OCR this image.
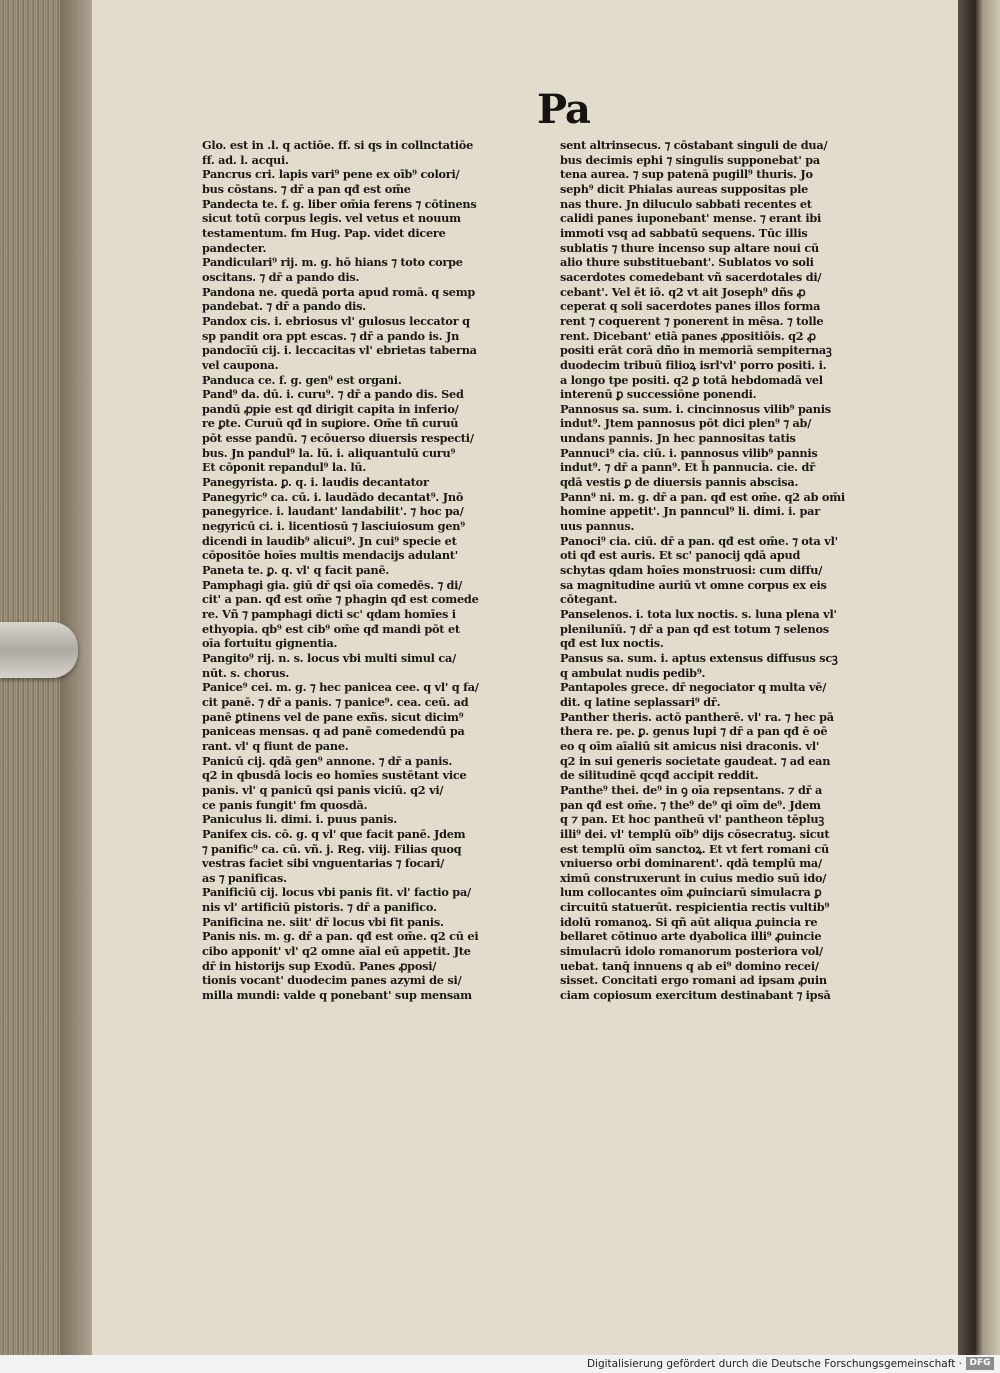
Pa
Glo. est in .l. q actiōe. ff. si qs in collnctatiōe
ff. ad. l. acqui.
Pancrus cri. lapis vari⁹ pene ex oīb⁹ colori/
bus cōstans. ⁊ dr̄ a pan qđ est om̄e
Pandecta te. f. g. liber om̄ia ferens ⁊ cōtinens
sicut totū corpus legis. vel vetus et nouum
testamentum. fm Hug. Pap. videt dicere
pandecter.
Pandiculari⁹ rij. m. g. hō hians ⁊ toto corpe
oscitans. ⁊ dr̄ a pando dis.
Pandona ne. quedā porta apud romā. q semp
pandebat. ⁊ dr̄ a pando dis.
Pandox cis. i. ebriosus vl' gulosus leccator q
sp pandit ora ppt escas. ⁊ dr̄ a pando is. Jn
pandocīū cij. i. leccacitas vl' ebrietas taberna
vel caupona.
Panduca ce. f. g. gen⁹ est organi.
Pand⁹ da. dū. i. curu⁹. ⁊ dr̄ a pando dis. Sed
pandū ꝓpie est qđ dirigit capita in inferio/
re ꝑte. Curuū qđ in suꝑiore. Om̄e tñ curuū
pōt esse pandū. ⁊ ecōuerso diuersis respecti/
bus. Jn pandul⁹ la. lū. i. aliquantulū curu⁹
Et cōponit repandul⁹ la. lū.
Panegyrista. ꝑ. q. i. laudis decantator
Panegyric⁹ ca. cū. i. laudādo decantat⁹. Jnō
panegyrice. i. laudant' landabilit'. ⁊ hoc pa/
negyricū ci. i. licentiosū ⁊ lasciuiosum gen⁹
dicendi in laudib⁹ alicui⁹. Jn cui⁹ specie et
cōpositōe hoīes multis mendacijs adulant'
Paneta te. ꝑ. q. vl' q facit panē.
Pamphagi gia. giū dr̄ qsi oīa comedēs. ⁊ di/
cit' a pan. qđ est om̄e ⁊ phagin qđ est comede
re. Vñ ⁊ pamphagi dicti sc' qdam homīes i
ethyopia. qb⁹ est cib⁹ om̄e qđ mandi pōt et
oīa fortuitu gignentia.
Pangito⁹ rij. n. s. locus vbi multi simul ca/
nūt. s. chorus.
Panice⁹ cei. m. g. ⁊ hec panicea cee. q vl' q fa/
cit panē. ⁊ dr̄ a panis. ⁊ panice⁹. cea. ceū. ad
panē ꝑtinens vel de pane exñs. sicut dicim⁹
paniceas mensas. q ad panē comedendū pa
rant. vl' q fiunt de pane.
Panicū cij. qdā gen⁹ annone. ⁊ dr̄ a panis.
q2 in qbusdā locis eo homīes sustētant vice
panis. vl' q panicū qsi panis viciū. q2 vi/
ce panis fungit' fm quosdā.
Paniculus li. dimi. i. puus panis.
Panifex cis. cō. g. q vl' que facit panē. Jdem
⁊ panific⁹ ca. cū. vñ. j. Reg. viij. Filias quoq
vestras faciet sibi vnguentarias ⁊ focari/
as ⁊ panificas.
Panificiū cij. locus vbi panis fit. vl' factio pa/
nis vl' artificiū pistoris. ⁊ dr̄ a panifico.
Panificina ne. siit' dr̄ locus vbi fit panis.
Panis nis. m. g. dr̄ a pan. qđ est om̄e. q2 cū ei
cibo apponit' vl' q2 omne aīal eū appetit. Jte
dr̄ in historijs sup Exodū. Panes ꝓposi/
tionis vocant' duodecim panes azymi de si/
milla mundi: valde q ponebant' sup mensam
sent altrinsecus. ⁊ cōstabant singuli de dua/
bus decimis ephi ⁊ singulis supponebat' pa
tena aurea. ⁊ sup patenā pugill⁹ thuris. Jo
seph⁹ dicit Phialas aureas suppositas ple
nas thure. Jn diluculo sabbati recentes et
calidi panes iuponebant' mense. ⁊ erant ibi
immoti vsq ad sabbatū sequens. Tūc illis
sublatis ⁊ thure incenso sup altare noui cū
alio thure substituebant'. Sublatos vo soli
sacerdotes comedebant vñ sacerdotales di/
cebant'. Vel ēt iō. q2 vt ait Joseph⁹ dñs ꝓ
ceperat q soli sacerdotes panes illos forma
rent ⁊ coquerent ⁊ ponerent in mēsa. ⁊ tolle
rent. Dicebant' etiā panes ꝓpositiōis. q2 ꝓ
positi erāt corā dño in memoriā sempiternaꝫ
duodecim tribuū filioꝝ isrl'vl' porro positi. i.
a longo tpe positi. q2 ꝑ totā hebdomadā vel
interenū ꝑ successiōne ponendi.
Pannosus sa. sum. i. cincinnosus vilib⁹ panis
indut⁹. Jtem pannosus pōt dici plen⁹ ⁊ ab/
undans pannis. Jn hec pannositas tatis
Pannuci⁹ cia. ciū. i. pannosus vilib⁹ pannis
indut⁹. ⁊ dr̄ a pann⁹. Et h̄ pannucia. cie. dr̄
qdā vestis ꝑ de diuersis pannis abscisa.
Pann⁹ ni. m. g. dr̄ a pan. qđ est om̄e. q2 ab om̄i
homine appetit'. Jn panncul⁹ li. dimi. i. par
uus pannus.
Panoci⁹ cia. ciū. dr̄ a pan. qđ est om̄e. ⁊ ota vl'
oti qđ est auris. Et sc' panocij qdā apud
schytas qdam hoīes monstruosi: cum diffu/
sa magnitudine auriū vt omne corpus ex eis
cōtegant.
Panselenos. i. tota lux noctis. s. luna plena vl'
plenilunīū. ⁊ dr̄ a pan qđ est totum ⁊ selenos
qđ est lux noctis.
Pansus sa. sum. i. aptus extensus diffusus scꝫ
q ambulat nudis pedib⁹.
Pantapoles grece. dr̄ negociator q multa vē/
dit. q latine seplassari⁹ dr̄.
Panther theris. actō pantherē. vl' ra. ⁊ hec pā
thera re. pe. ꝑ. genus lupi ⁊ dr̄ a pan qđ ē oē
eo q oīm aīaliū sit amicus nisi draconis. vl'
q2 in sui generis societate gaudeat. ⁊ ad ean
de silitudinē qcqđ accipit reddit.
Panthe⁹ thei. de⁹ in ꝯ oīa repsentans. ⁊ dr̄ a
pan qđ est om̄e. ⁊ the⁹ de⁹ qi oīm de⁹. Jdem
q ⁊ pan. Et hoc pantheū vl' pantheon tēpluꝫ
illi⁹ dei. vl' templū oīb⁹ dijs cōsecratuꝫ. sicut
est templū oīm sanctoꝝ. Et vt fert romani cū
vniuerso orbi dominarent'. qdā templū ma/
ximū construxerunt in cuius medio suū ido/
lum collocantes oīm ꝓuinciarū simulacra ꝑ
circuitū statuerūt. respicientia rectis vultib⁹
idolū romanoꝝ. Si qñ aūt aliqua ꝓuincia re
bellaret cōtinuo arte dyabolica illi⁹ ꝓuincie
simulacrū idolo romanorum posteriora vol/
uebat. tanq̄ innuens q ab ei⁹ domino recei/
sisset. Concitati ergo romani ad ipsam ꝓuin
ciam copiosum exercitum destinabant ⁊ ipsā
Digitalisierung gefördert durch die Deutsche Forschungsgemeinschaft · DFG
